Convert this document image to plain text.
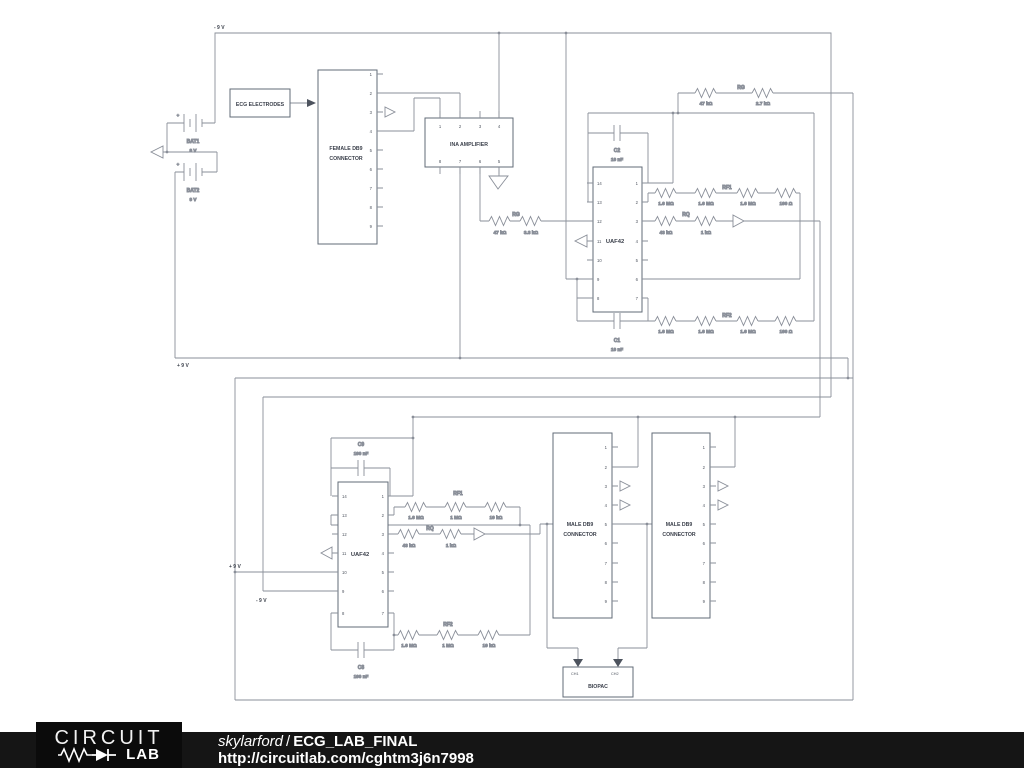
- 9 V
+ 9 V
+ 9 V
- 9 V
+
BAT1
9 V
+
BAT2
9 V
ECG ELECTRODES
FEMALE DB9
CONNECTOR
1
2
3
4
5
6
7
8
9
INA AMPLIFIER
1	2	3	4
8	7	6	5
RG
47 kΩ	2.7 kΩ
RG
47 kΩ	3.3 kΩ
C2
10 nF
C1
10 nF
UAF42
14
13
12
11
10
9
8
1
2
3
4
5
6
7
RF1
1.6 MΩ	1.6 MΩ	1.6 MΩ	100 Ω
RQ
43 kΩ	1 kΩ
RF2
1.6 MΩ	1.6 MΩ	1.6 MΩ	100 Ω
C9
100 nF
C8
100 nF
UAF42
14
13
12
11
10
9
8
1
2
3
4
5
6
7
RF1
1.6 MΩ	1 MΩ	10 kΩ
RQ
43 kΩ	1 kΩ
RF2
1.6 MΩ	1 MΩ	10 kΩ
MALE DB9
CONNECTOR
1
2
3
4
5
6
7
8
9
MALE DB9
CONNECTOR
1
2
3
4
5
6
7
8
9
CH1	CH2
BIOPAC
CIRCUIT
LAB
skylarford / ECG_LAB_FINAL
http://circuitlab.com/cghtm3j6n7998
